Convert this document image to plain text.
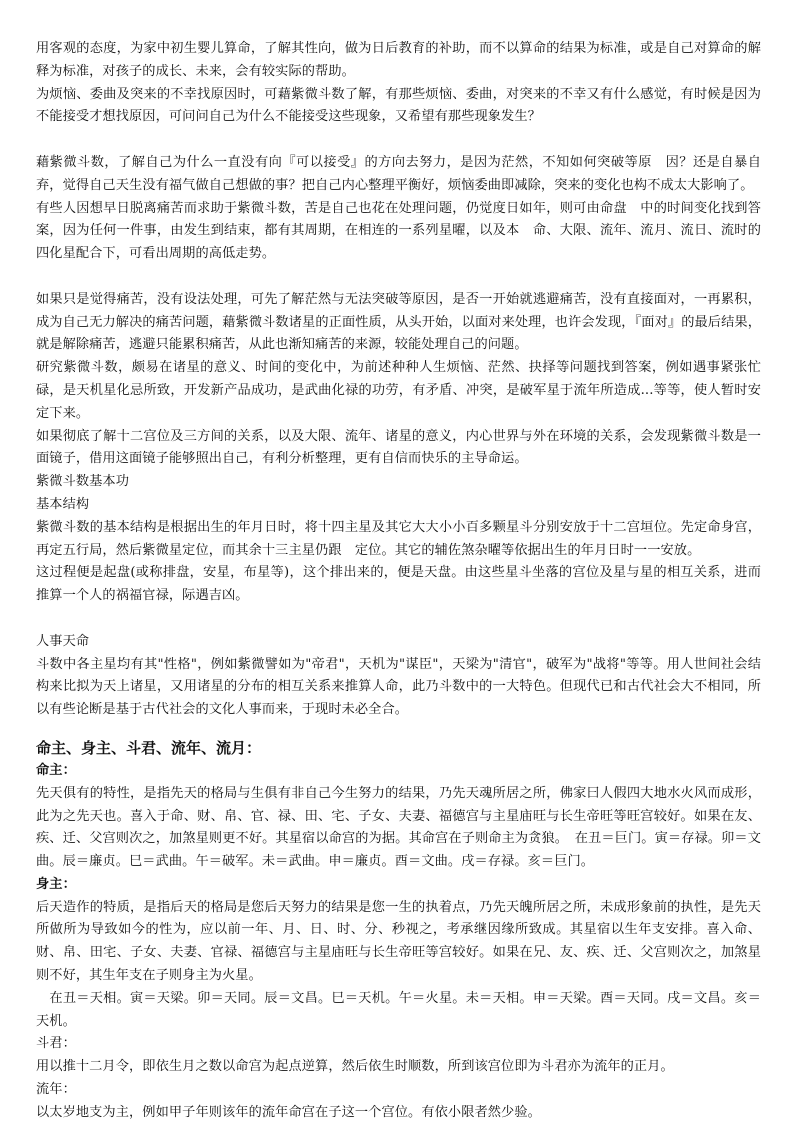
用客观的态度，为家中初生婴儿算命，了解其性向，做为日后教育的补助，而不以算命的结果为标准，或是自己对算命的解释为标准，对孩子的成长、未来，会有较实际的帮助。

为烦恼、委曲及突来的不幸找原因时，可藉紫微斗数了解，有那些烦恼、委曲，对突来的不幸又有什么感觉，有时候是因为不能接受才想找原因，可问问自己为什么不能接受这些现象，又希望有那些现象发生？

藉紫微斗数，了解自己为什么一直没有向『可以接受』的方向去努力，是因为茫然，不知如何突破等原　因？还是自暴自弃，觉得自己天生没有福气做自己想做的事？把自己内心整理平衡好，烦恼委曲即减除，突来的变化也构不成太大影响了。

有些人因想早日脱离痛苦而求助于紫微斗数，苦是自己也花在处理问题，仍觉度日如年，则可由命盘　中的时间变化找到答案，因为任何一件事，由发生到结束，都有其周期，在相连的一系列星曜，以及本　命、大限、流年、流月、流日、流时的四化星配合下，可看出周期的高低走势。

如果只是觉得痛苦，没有设法处理，可先了解茫然与无法突破等原因，是否一开始就逃避痛苦，没有直接面对，一再累积，成为自己无力解决的痛苦问题，藉紫微斗数诸星的正面性质，从头开始，以面对来处理，也许会发现，『面对』的最后结果，就是解除痛苦，逃避只能累积痛苦，从此也渐知痛苦的来源，较能处理自己的问题。

研究紫微斗数，颇易在诸星的意义、时间的变化中，为前述种种人生烦恼、茫然、抉择等问题找到答案，例如遇事紧张忙碌，是天机星化忌所致，开发新产品成功，是武曲化禄的功劳，有矛盾、冲突，是破军星于流年所造成...等等，使人暂时安定下来。

如果彻底了解十二宫位及三方间的关系，以及大限、流年、诸星的意义，内心世界与外在环境的关系，会发现紫微斗数是一面镜子，借用这面镜子能够照出自己，有利分析整理，更有自信而快乐的主导命运。

紫微斗数基本功

基本结构

紫微斗数的基本结构是根据出生的年月日时，将十四主星及其它大大小小百多颗星斗分别安放于十二宫垣位。先定命身宫，再定五行局，然后紫微星定位，而其余十三主星仍跟　定位。其它的辅佐煞杂曜等依据出生的年月日时一一安放。

这过程便是起盘(或称排盘，安星，布星等)，这个排出来的，便是天盘。由这些星斗坐落的宫位及星与星的相互关系，进而推算一个人的祸福官禄，际遇吉凶。

人事天命

斗数中各主星均有其"性格"，例如紫微譬如为"帝君"，天机为"谋臣"，天梁为"清官"，破军为"战将"等等。用人世间社会结构来比拟为天上诸星，又用诸星的分布的相互关系来推算人命，此乃斗数中的一大特色。但现代已和古代社会大不相同，所以有些论断是基于古代社会的文化人事而来，于现时未必全合。

命主、身主、斗君、流年、流月：

命主：

先天俱有的特性，是指先天的格局与生俱有非自己今生努力的结果，乃先天魂所居之所，佛家曰人假四大地水火风而成形，此为之先天也。喜入于命、财、帛、官、禄、田、宅、子女、夫妻、福德宫与主星庙旺与长生帝旺等旺宫较好。如果在友、疾、迁、父宫则次之，加煞星则更不好。其星宿以命宫的为据。其命宫在子则命主为贪狼。　在丑＝巨门。寅＝存禄。卯＝文曲。辰＝廉贞。巳＝武曲。午＝破军。未＝武曲。申＝廉贞。酉＝文曲。戌＝存禄。亥＝巨门。

身主：

后天造作的特质，是指后天的格局是您后天努力的结果是您一生的执着点，乃先天魄所居之所，未成形象前的执性，是先天所做所为导致如今的性为，应以前一年、月、日、时、分、秒视之，考承继因缘所致成。其星宿以生年支安排。喜入命、财、帛、田宅、子女、夫妻、官禄、福德宫与主星庙旺与长生帝旺等宫较好。如果在兄、友、疾、迁、父宫则次之，加煞星则不好，其生年支在子则身主为火星。

　在丑＝天相。寅＝天梁。卯＝天同。辰＝文昌。巳＝天机。午＝火星。未＝天相。申＝天梁。酉＝天同。戌＝文昌。亥＝天机。

斗君：

用以推十二月令，即依生月之数以命宫为起点逆算，然后依生时顺数，所到该宫位即为斗君亦为流年的正月。

流年：

以太岁地支为主，例如甲子年则该年的流年命宫在子这一个宫位。有依小限者然少验。
